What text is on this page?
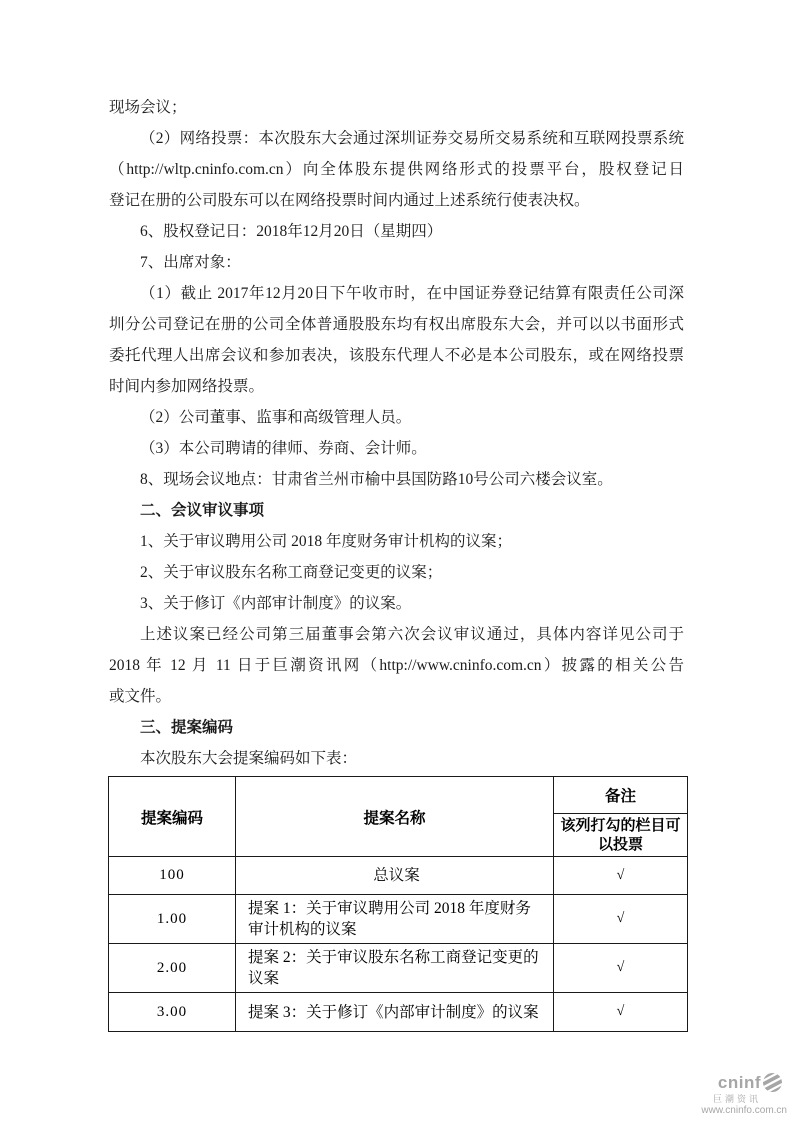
现场会议；
（2）网络投票：本次股东大会通过深圳证券交易所交易系统和互联网投票系统
（http://wltp.cninfo.com.cn）向全体股东提供网络形式的投票平台，股权登记日
登记在册的公司股东可以在网络投票时间内通过上述系统行使表决权。
6、股权登记日：2018年12月20日（星期四）
7、出席对象：
（1）截止 2017年12月20日下午收市时，在中国证券登记结算有限责任公司深
圳分公司登记在册的公司全体普通股股东均有权出席股东大会，并可以以书面形式
委托代理人出席会议和参加表决，该股东代理人不必是本公司股东，或在网络投票
时间内参加网络投票。
（2）公司董事、监事和高级管理人员。
（3）本公司聘请的律师、券商、会计师。
8、现场会议地点：甘肃省兰州市榆中县国防路10号公司六楼会议室。
二、会议审议事项
1、关于审议聘用公司 2018 年度财务审计机构的议案；
2、关于审议股东名称工商登记变更的议案；
3、关于修订《内部审计制度》的议案。
上述议案已经公司第三届董事会第六次会议审议通过，具体内容详见公司于
2018 年 12 月 11 日于巨潮资讯网（http://www.cninfo.com.cn）披露的相关公告
或文件。
三、提案编码
本次股东大会提案编码如下表：
提案编码	提案名称	备注
		该列打勾的栏目可以投票
100	总议案	√
1.00	提案 1：关于审议聘用公司 2018 年度财务审计机构的议案	√
2.00	提案 2：关于审议股东名称工商登记变更的议案	√
3.00	提案 3：关于修订《内部审计制度》的议案	√
cninf
巨潮资讯
www.cninfo.com.cn
